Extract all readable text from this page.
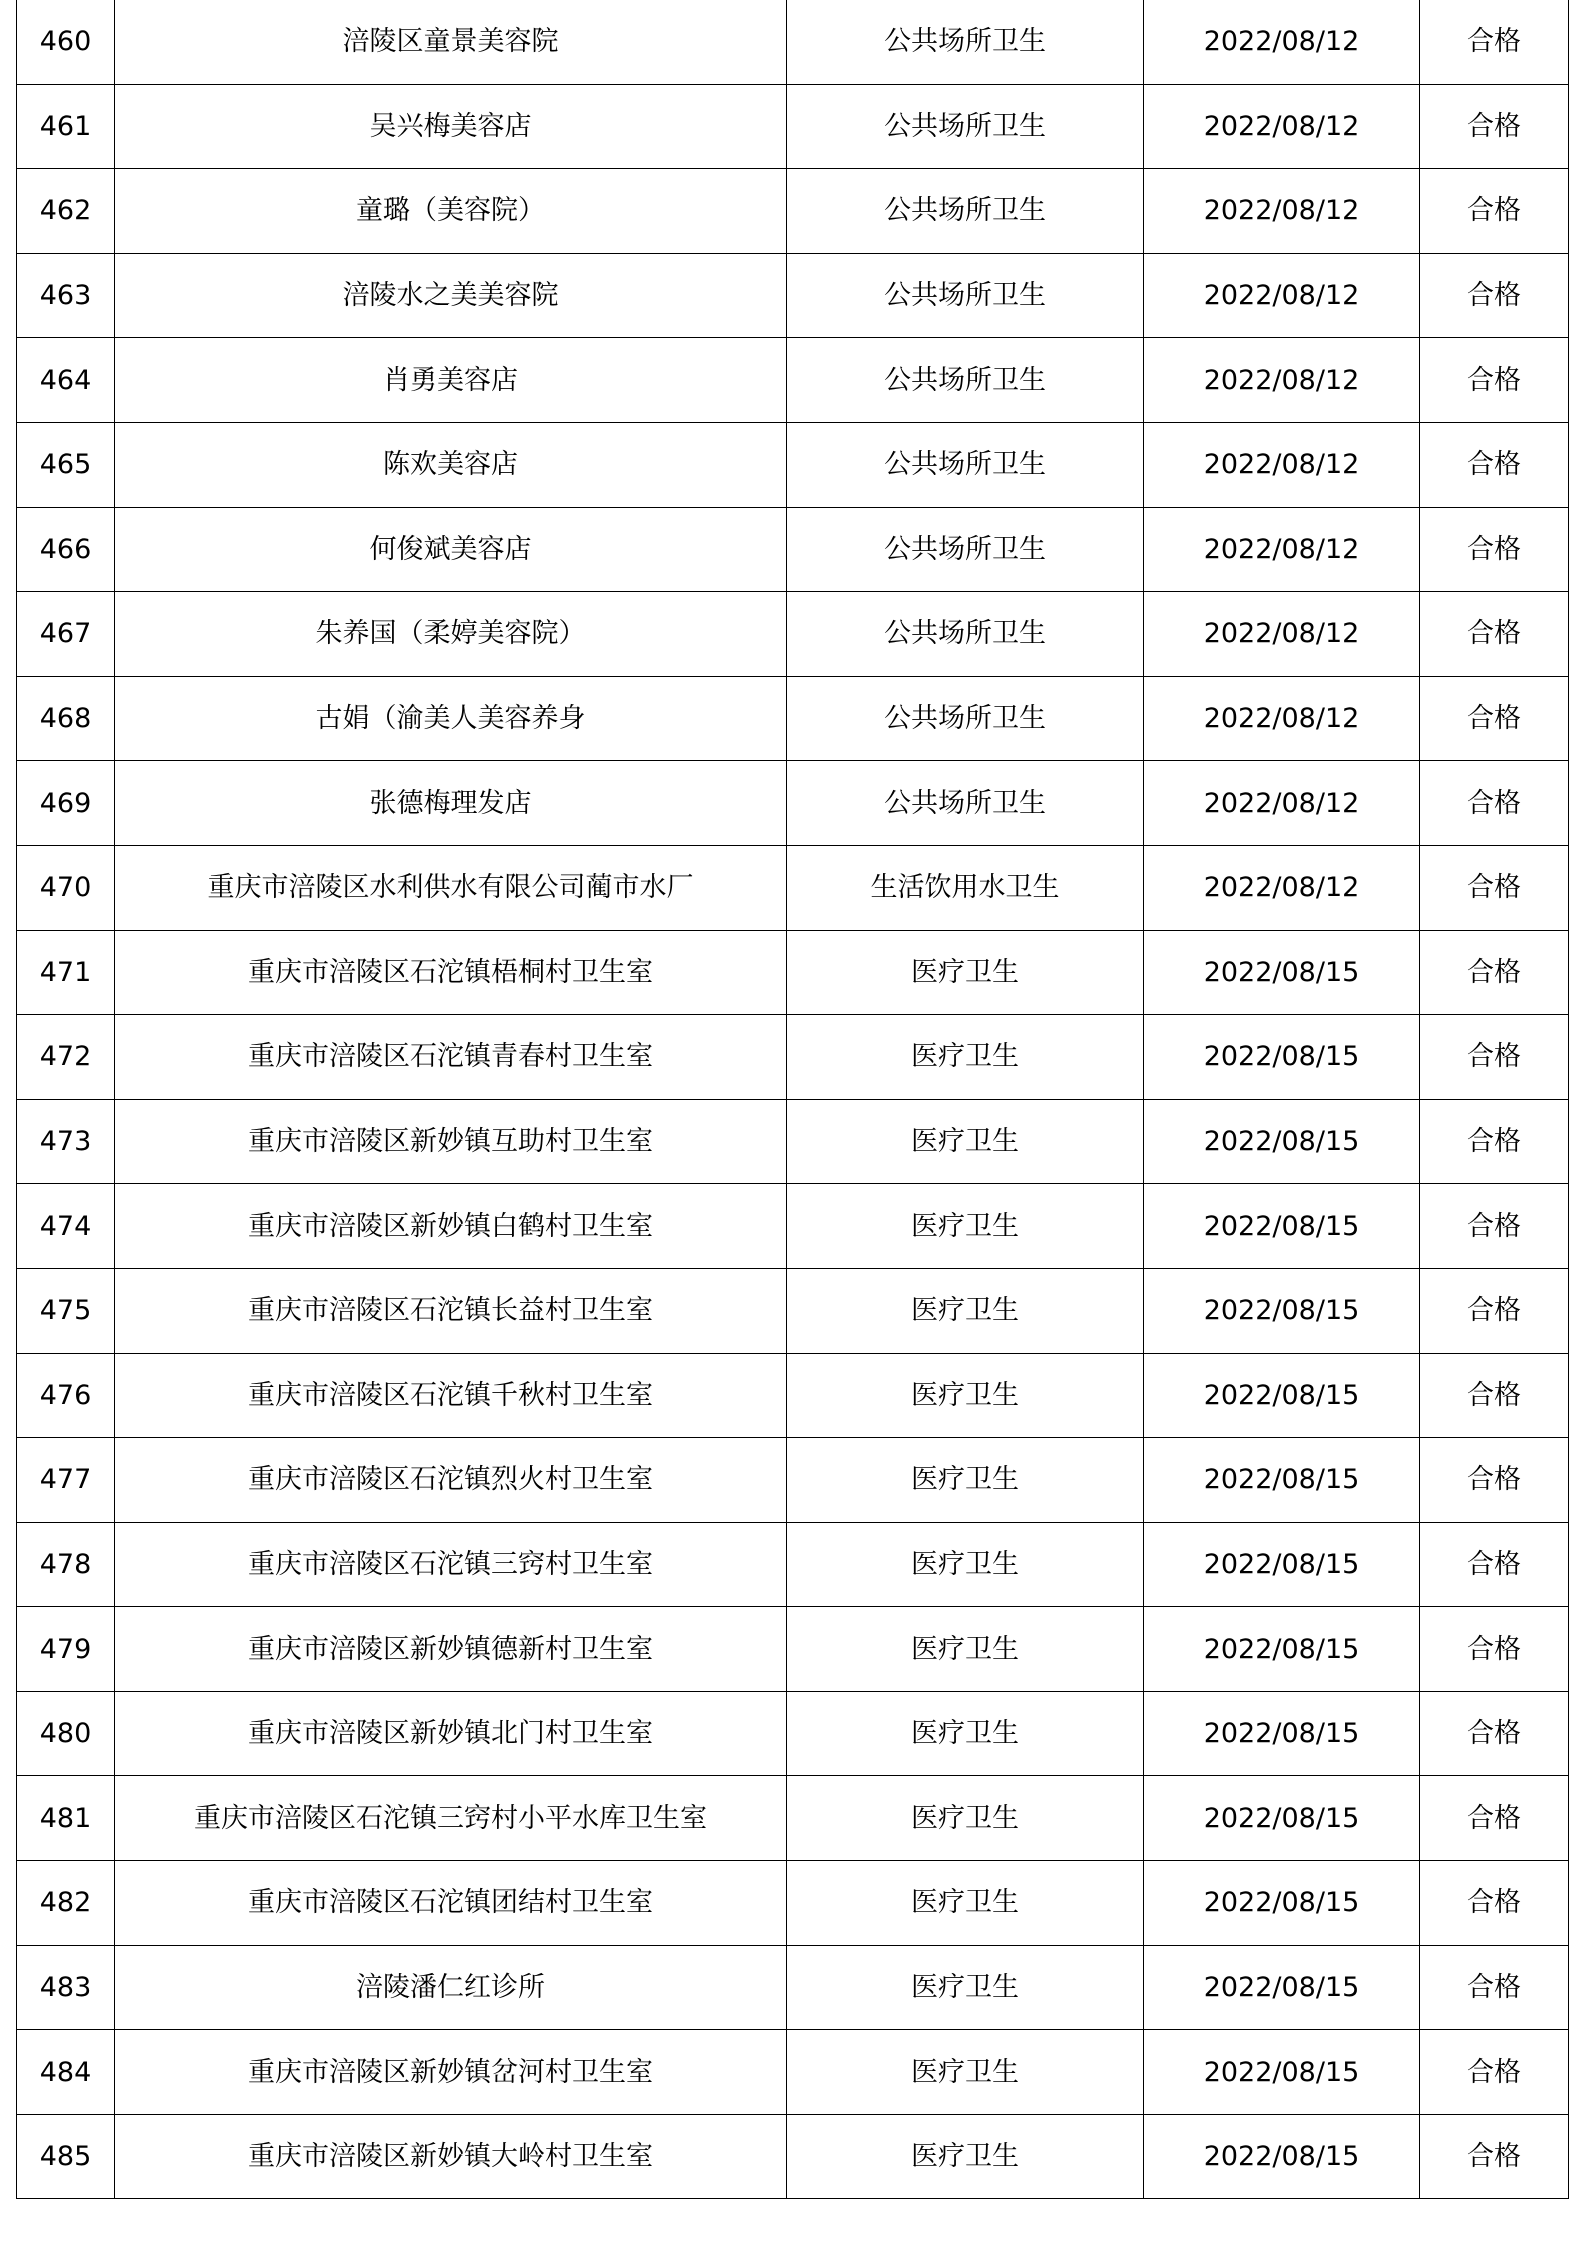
460	涪陵区童景美容院	公共场所卫生	2022/08/12	合格
461	吴兴梅美容店	公共场所卫生	2022/08/12	合格
462	童璐（美容院）	公共场所卫生	2022/08/12	合格
463	涪陵水之美美容院	公共场所卫生	2022/08/12	合格
464	肖勇美容店	公共场所卫生	2022/08/12	合格
465	陈欢美容店	公共场所卫生	2022/08/12	合格
466	何俊斌美容店	公共场所卫生	2022/08/12	合格
467	朱养国（柔婷美容院）	公共场所卫生	2022/08/12	合格
468	古娟（渝美人美容养身	公共场所卫生	2022/08/12	合格
469	张德梅理发店	公共场所卫生	2022/08/12	合格
470	重庆市涪陵区水利供水有限公司蔺市水厂	生活饮用水卫生	2022/08/12	合格
471	重庆市涪陵区石沱镇梧桐村卫生室	医疗卫生	2022/08/15	合格
472	重庆市涪陵区石沱镇青春村卫生室	医疗卫生	2022/08/15	合格
473	重庆市涪陵区新妙镇互助村卫生室	医疗卫生	2022/08/15	合格
474	重庆市涪陵区新妙镇白鹤村卫生室	医疗卫生	2022/08/15	合格
475	重庆市涪陵区石沱镇长益村卫生室	医疗卫生	2022/08/15	合格
476	重庆市涪陵区石沱镇千秋村卫生室	医疗卫生	2022/08/15	合格
477	重庆市涪陵区石沱镇烈火村卫生室	医疗卫生	2022/08/15	合格
478	重庆市涪陵区石沱镇三窍村卫生室	医疗卫生	2022/08/15	合格
479	重庆市涪陵区新妙镇德新村卫生室	医疗卫生	2022/08/15	合格
480	重庆市涪陵区新妙镇北门村卫生室	医疗卫生	2022/08/15	合格
481	重庆市涪陵区石沱镇三窍村小平水库卫生室	医疗卫生	2022/08/15	合格
482	重庆市涪陵区石沱镇团结村卫生室	医疗卫生	2022/08/15	合格
483	涪陵潘仁红诊所	医疗卫生	2022/08/15	合格
484	重庆市涪陵区新妙镇岔河村卫生室	医疗卫生	2022/08/15	合格
485	重庆市涪陵区新妙镇大岭村卫生室	医疗卫生	2022/08/15	合格
